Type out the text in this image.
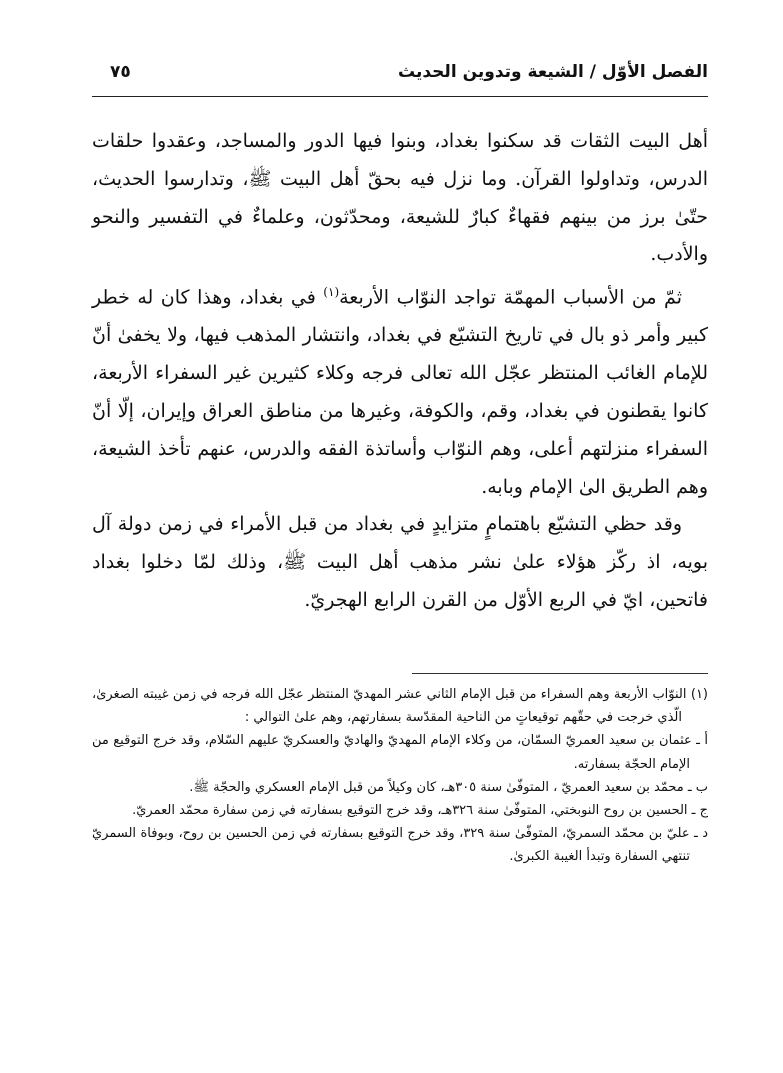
الفصل الأوّل / الشيعة وتدوين الحديث
٧٥

أهل البيت الثقات قد سكنوا بغداد، وبنوا فيها الدور والمساجد، وعقدوا حلقات الدرس، وتداولوا القرآن. وما نزل فيه بحقّ أهل البيت ﷺ، وتدارسوا الحديث، حتّىٰ برز من بينهم فقهاءٌ كبارٌ للشيعة، ومحدّثون، وعلماءٌ في التفسير والنحو والأدب.

ثمّ من الأسباب المهمّة تواجد النوّاب الأربعة$^{(١)}$ في بغداد، وهذا كان له خطر كبير وأمر ذو بال في تاريخ التشيّع في بغداد، وانتشار المذهب فيها، ولا يخفىٰ أنّ للإمام الغائب المنتظر عجّل الله تعالى فرجه وكلاء كثيرين غير السفراء الأربعة، كانوا يقطنون في بغداد، وقم، والكوفة، وغيرها من مناطق العراق وإيران، إلّا أنّ السفراء منزلتهم أعلى، وهم النوّاب وأساتذة الفقه والدرس، عنهم تأخذ الشيعة، وهم الطريق الىٰ الإمام وبابه.

وقد حظي التشيّع باهتمامٍ متزايدٍ في بغداد من قبل الأمراء في زمن دولة آل بويه، اذ ركّز هؤلاء علىٰ نشر مذهب أهل البيت ﷺ، وذلك لمّا دخلوا بغداد فاتحين، ايّ في الربع الأوّل من القرن الرابع الهجريّ.

(١) النوّاب الأربعة وهم السفراء من قبل الإمام الثاني عشر المهديّ المنتظر عجّل الله فرجه في زمن غيبته الصغرىٰ، الّذي خرجت في حقّهم توقيعاتٍ من الناحية المقدّسة بسفارتهم، وهم علىٰ التوالي :

أ ـ عثمان بن سعيد العمريّ السمّان، من وكلاء الإمام المهديّ والهاديّ والعسكريّ عليهم السّلام، وقد خرج التوقيع من الإمام الحجّة بسفارته.

ب ـ محمّد بن سعيد العمريّ ، المتوفّىٰ سنة ٣٠٥هـ، كان وكيلاً من قبل الإمام العسكري والحجّة ﷺ.

ج ـ الحسين بن روح النوبختي، المتوفّىٰ سنة ٣٢٦هـ، وقد خرج التوقيع بسفارته في زمن سفارة محمّد العمريّ.

د ـ عليّ بن محمّد السمريّ، المتوفّىٰ سنة ٣٢٩، وقد خرج التوقيع بسفارته في زمن الحسين بن روح، وبوفاة السمريّ تنتهي السفارة وتبدأ الغيبة الكبرىٰ.
